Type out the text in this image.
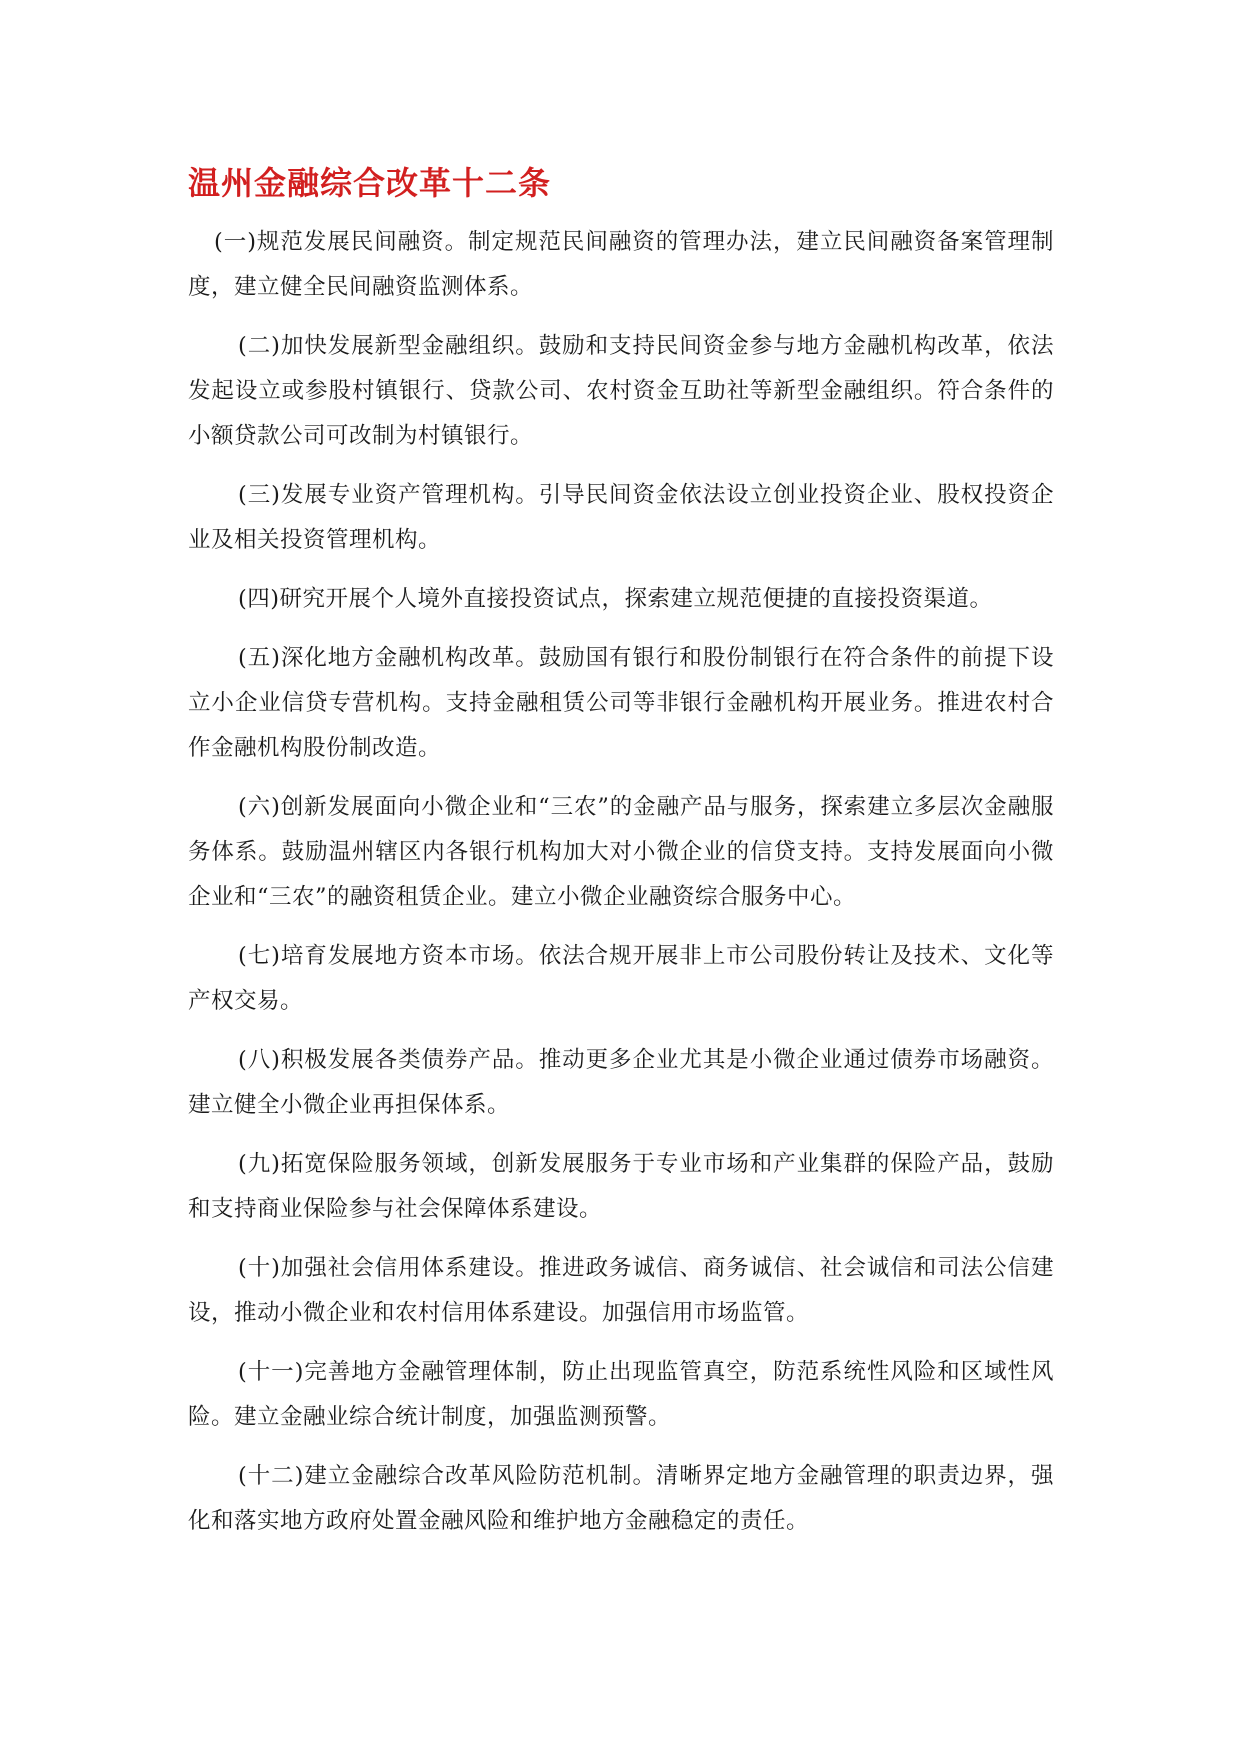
温州金融综合改革十二条

(一)规范发展民间融资。制定规范民间融资的管理办法，建立民间融资备案管理制度，建立健全民间融资监测体系。

(二)加快发展新型金融组织。鼓励和支持民间资金参与地方金融机构改革，依法发起设立或参股村镇银行、贷款公司、农村资金互助社等新型金融组织。符合条件的小额贷款公司可改制为村镇银行。

(三)发展专业资产管理机构。引导民间资金依法设立创业投资企业、股权投资企业及相关投资管理机构。

(四)研究开展个人境外直接投资试点，探索建立规范便捷的直接投资渠道。

(五)深化地方金融机构改革。鼓励国有银行和股份制银行在符合条件的前提下设立小企业信贷专营机构。支持金融租赁公司等非银行金融机构开展业务。推进农村合作金融机构股份制改造。

(六)创新发展面向小微企业和“三农”的金融产品与服务，探索建立多层次金融服务体系。鼓励温州辖区内各银行机构加大对小微企业的信贷支持。支持发展面向小微企业和“三农”的融资租赁企业。建立小微企业融资综合服务中心。

(七)培育发展地方资本市场。依法合规开展非上市公司股份转让及技术、文化等产权交易。

(八)积极发展各类债券产品。推动更多企业尤其是小微企业通过债券市场融资。建立健全小微企业再担保体系。

(九)拓宽保险服务领域，创新发展服务于专业市场和产业集群的保险产品，鼓励和支持商业保险参与社会保障体系建设。

(十)加强社会信用体系建设。推进政务诚信、商务诚信、社会诚信和司法公信建设，推动小微企业和农村信用体系建设。加强信用市场监管。

(十一)完善地方金融管理体制，防止出现监管真空，防范系统性风险和区域性风险。建立金融业综合统计制度，加强监测预警。

(十二)建立金融综合改革风险防范机制。清晰界定地方金融管理的职责边界，强化和落实地方政府处置金融风险和维护地方金融稳定的责任。
